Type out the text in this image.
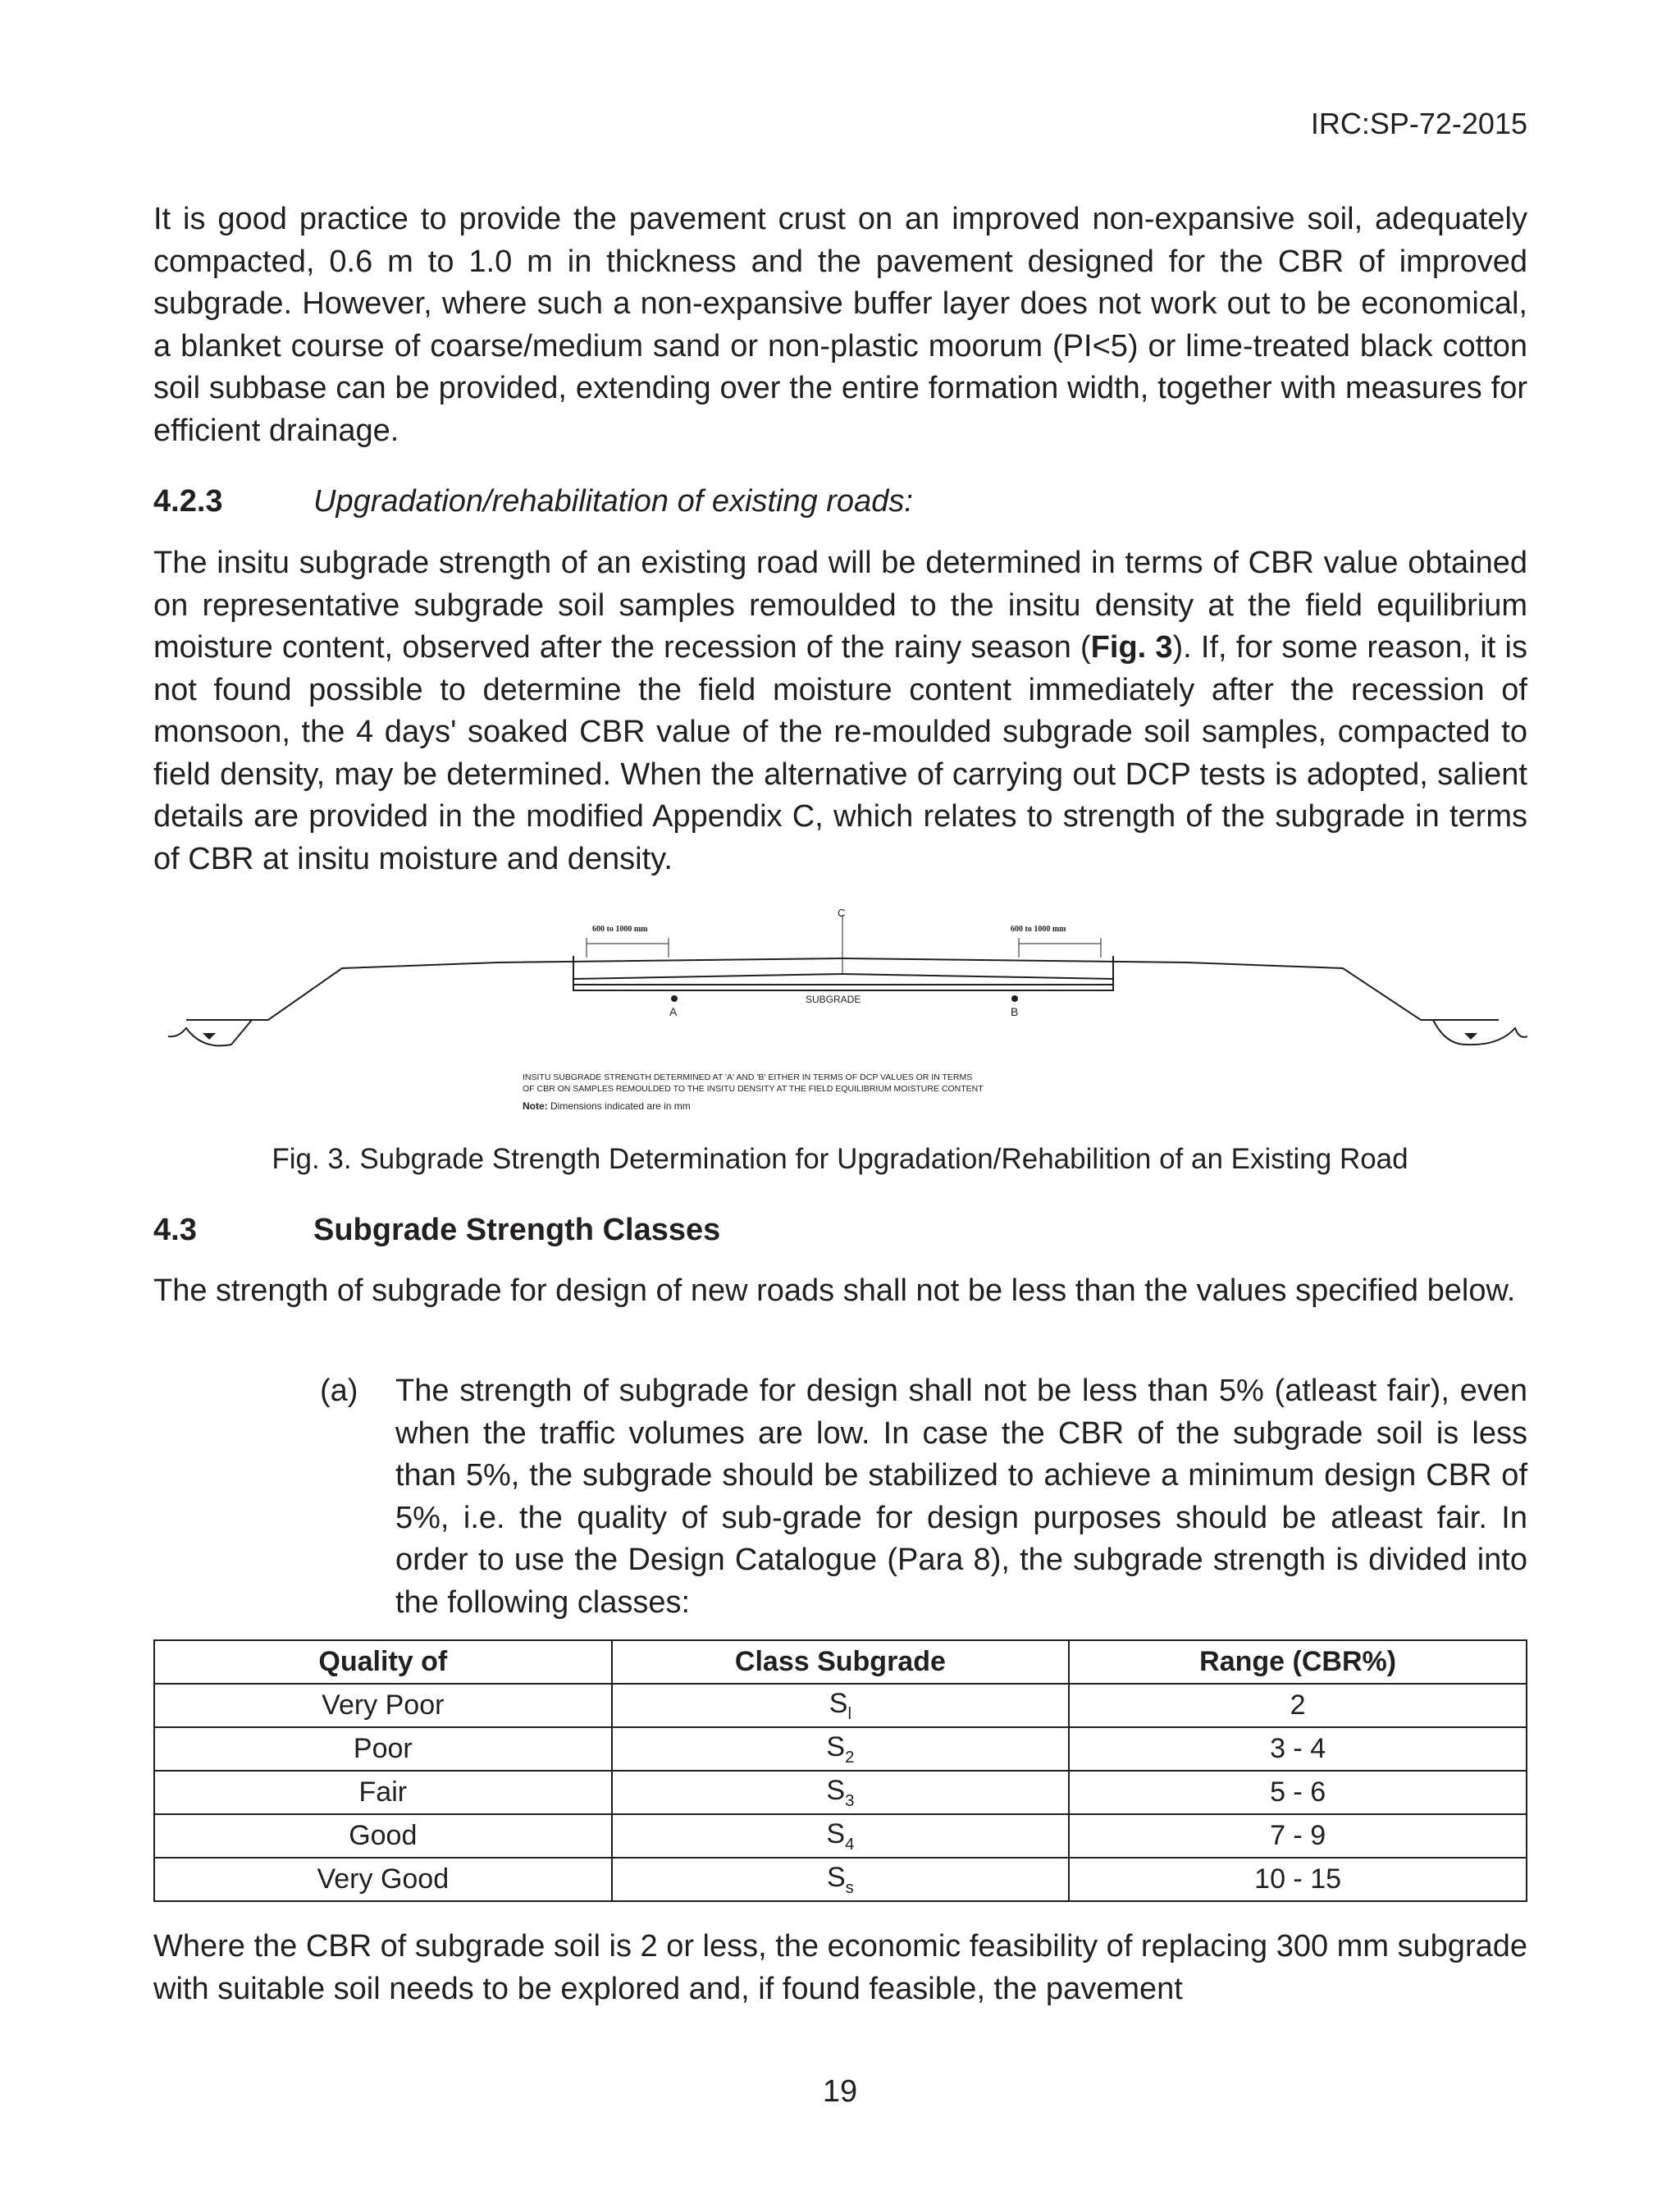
IRC:SP-72-2015

It is good practice to provide the pavement crust on an improved non-expansive soil, adequately compacted, 0.6 m to 1.0 m in thickness and the pavement designed for the CBR of improved subgrade. However, where such a non-expansive buffer layer does not work out to be economical, a blanket course of coarse/medium sand or non-plastic moorum (PI<5) or lime-treated black cotton soil subbase can be provided, extending over the entire formation width, together with measures for efficient drainage.

4.2.3	Upgradation/rehabilitation of existing roads:

The insitu subgrade strength of an existing road will be determined in terms of CBR value obtained on representative subgrade soil samples remoulded to the insitu density at the field equilibrium moisture content, observed after the recession of the rainy season (Fig. 3). If, for some reason, it is not found possible to determine the field moisture content immediately after the recession of monsoon, the 4 days' soaked CBR value of the re-moulded subgrade soil samples, compacted to field density, may be determined. When the alternative of carrying out DCP tests is adopted, salient details are provided in the modified Appendix C, which relates to strength of the subgrade in terms of CBR at insitu moisture and density.

600 to 1000 mm	600 to 1000 mm
C
A	B
SUBGRADE
INSITU SUBGRADE STRENGTH DETERMINED AT 'A' AND 'B' EITHER IN TERMS OF DCP VALUES OR IN TERMS
OF CBR ON SAMPLES REMOULDED TO THE INSITU DENSITY AT THE FIELD EQUILIBRIUM MOISTURE CONTENT
Note: Dimensions indicated are in mm
Fig. 3. Subgrade Strength Determination for Upgradation/Rehabilition of an Existing Road
4.3	Subgrade Strength Classes

The strength of subgrade for design of new roads shall not be less than the values specified below.

(a) The strength of subgrade for design shall not be less than 5% (atleast fair), even when the traffic volumes are low. In case the CBR of the subgrade soil is less than 5%, the subgrade should be stabilized to achieve a minimum design CBR of 5%, i.e. the quality of sub-grade for design purposes should be atleast fair. In order to use the Design Catalogue (Para 8), the subgrade strength is divided into the following classes:

Quality of	Class Subgrade	Range (CBR%)
Very Poor	$S_l$	2
Poor	$S_2$	3 - 4
Fair	$S_3$	5 - 6
Good	$S_4$	7 - 9
Very Good	$S_s$	10 - 15

Where the CBR of subgrade soil is 2 or less, the economic feasibility of replacing 300 mm subgrade with suitable soil needs to be explored and, if found feasible, the pavement

19
